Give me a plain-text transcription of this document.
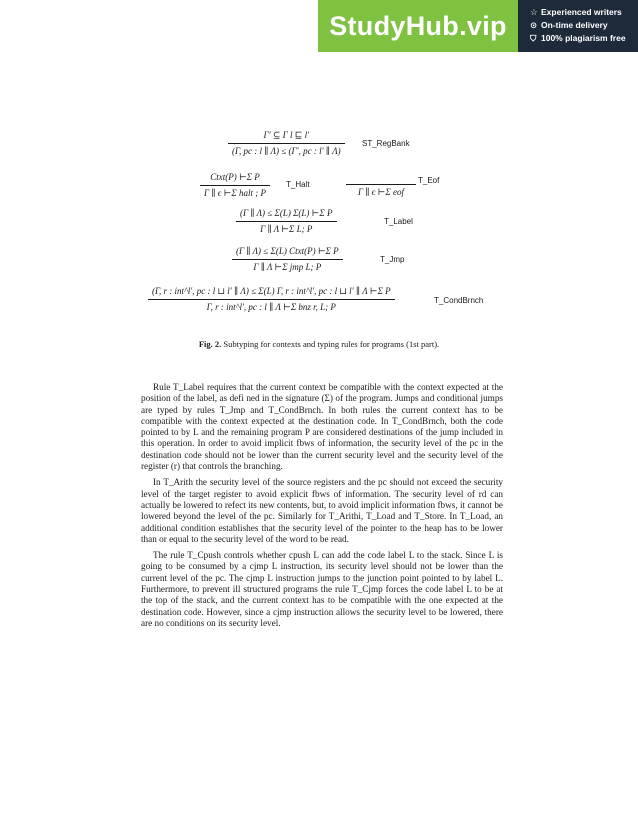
StudyHub.vip	☆ Experienced writers
⊙ On-time delivery
⛉ 100% plagiarism free
$\frac{\text{Γ′ ⊆ Γ l ⊑ l′}}{(\Gamma, pc : l \parallel \Lambda) \le (\Gamma', pc : l' \parallel \Lambda)}$ ST_RegBank
$\frac{\text{Ctxt(P) ⊢Σ P}}{\text{Γ ∥ ϵ ⊢Σ halt ; P}}$ T_Halt
Γ ∥ ϵ ⊢Σ eof
T_Eof
$\frac{\text{(Γ ∥ Λ) ≤ Σ(L) Σ(L) ⊢Σ P}}{\text{Γ ∥ Λ ⊢Σ L; P}}$	T_Label
$\frac{\text{(Γ ∥ Λ) ≤ Σ(L) Ctxt(P) ⊢Σ P}}{\text{Γ ∥ Λ ⊢Σ jmp L; P}}$	T_Jmp
(Γ, r : int^l′, pc : l ⊔ l′ ∥ Λ) ≤ Σ(L) Γ, r : int^l′, pc : l ⊔ l′ ∥ Λ ⊢Σ P
Γ, r : int^l′, pc : l ∥ Λ ⊢Σ bnz r, L; P
T_CondBrnch
Fig. 2. Subtyping for contexts and typing rules for programs (1st part).

Rule T_Label requires that the current context be compatible with the context expected at the position of the label, as defi ned in the signature (Σ) of the program. Jumps and conditional jumps are typed by rules T_Jmp and T_CondBrnch. In both rules the current context has to be compatible with the context expected at the destination code. In T_CondBrnch, both the code pointed to by L and the remaining program P are considered destinations of the jump included in this operation. In order to avoid implicit fbws of information, the security level of the pc in the destination code should not be lower than the current security level and the security level of the register (r) that controls the branching.

In T_Arith the security level of the source registers and the pc should not exceed the security level of the target register to avoid explicit fbws of information. The security level of rd can actually be lowered to refect its new contents, but, to avoid implicit information fbws, it cannot be lowered beyond the level of the pc. Similarly for T_Arithi, T_Load and T_Store. In T_Load, an additional condition establishes that the security level of the pointer to the heap has to be lower than or equal to the security level of the word to be read.

The rule T_Cpush controls whether cpush L can add the code label L to the stack. Since L is going to be consumed by a cjmp L instruction, its security level should not be lower than the current level of the pc. The cjmp L instruction jumps to the junction point pointed to by label L. Furthermore, to prevent ill structured programs the rule T_Cjmp forces the code label L to be at the top of the stack, and the current context has to be compatible with the one expected at the destination code. However, since a cjmp instruction allows the security level to be lowered, there are no conditions on its security level.
